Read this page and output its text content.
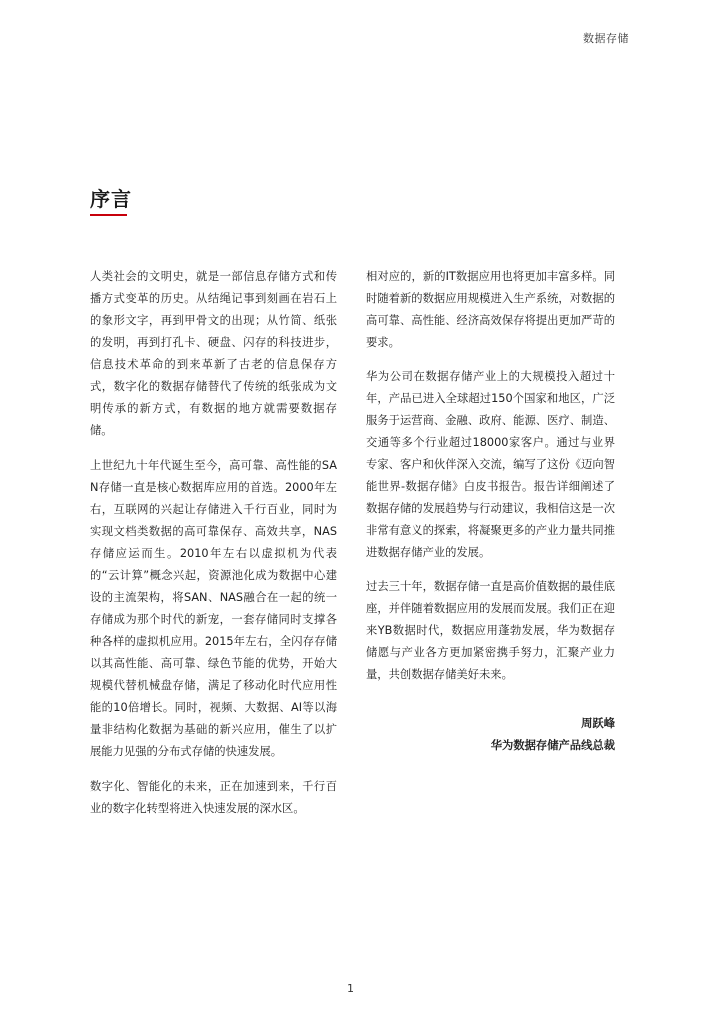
数据存储
序言

人类社会的文明史，就是一部信息存储方式和传播方式变革的历史。从结绳记事到刻画在岩石上的象形文字，再到甲骨文的出现；从竹简、纸张的发明，再到打孔卡、硬盘、闪存的科技进步，信息技术革命的到来革新了古老的信息保存方式，数字化的数据存储替代了传统的纸张成为文明传承的新方式，有数据的地方就需要数据存储。

上世纪九十年代诞生至今，高可靠、高性能的SAN存储一直是核心数据库应用的首选。2000年左右，互联网的兴起让存储进入千行百业，同时为实现文档类数据的高可靠保存、高效共享，NAS存储应运而生。2010年左右以虚拟机为代表的“云计算”概念兴起，资源池化成为数据中心建设的主流架构，将SAN、NAS融合在一起的统一存储成为那个时代的新宠，一套存储同时支撑各种各样的虚拟机应用。2015年左右，全闪存存储以其高性能、高可靠、绿色节能的优势，开始大规模代替机械盘存储，满足了移动化时代应用性能的10倍增长。同时，视频、大数据、AI等以海量非结构化数据为基础的新兴应用，催生了以扩展能力见强的分布式存储的快速发展。

数字化、智能化的未来，正在加速到来，千行百业的数字化转型将进入快速发展的深水区。

相对应的，新的IT数据应用也将更加丰富多样。同时随着新的数据应用规模进入生产系统，对数据的高可靠、高性能、经济高效保存将提出更加严苛的要求。

华为公司在数据存储产业上的大规模投入超过十年，产品已进入全球超过150个国家和地区，广泛服务于运营商、金融、政府、能源、医疗、制造、交通等多个行业超过18000家客户。通过与业界专家、客户和伙伴深入交流，编写了这份《迈向智能世界-数据存储》白皮书报告。报告详细阐述了数据存储的发展趋势与行动建议，我相信这是一次非常有意义的探索，将凝聚更多的产业力量共同推进数据存储产业的发展。

过去三十年，数据存储一直是高价值数据的最佳底座，并伴随着数据应用的发展而发展。我们正在迎来YB数据时代，数据应用蓬勃发展，华为数据存储愿与产业各方更加紧密携手努力，汇聚产业力量，共创数据存储美好未来。

周跃峰
华为数据存储产品线总裁
1
